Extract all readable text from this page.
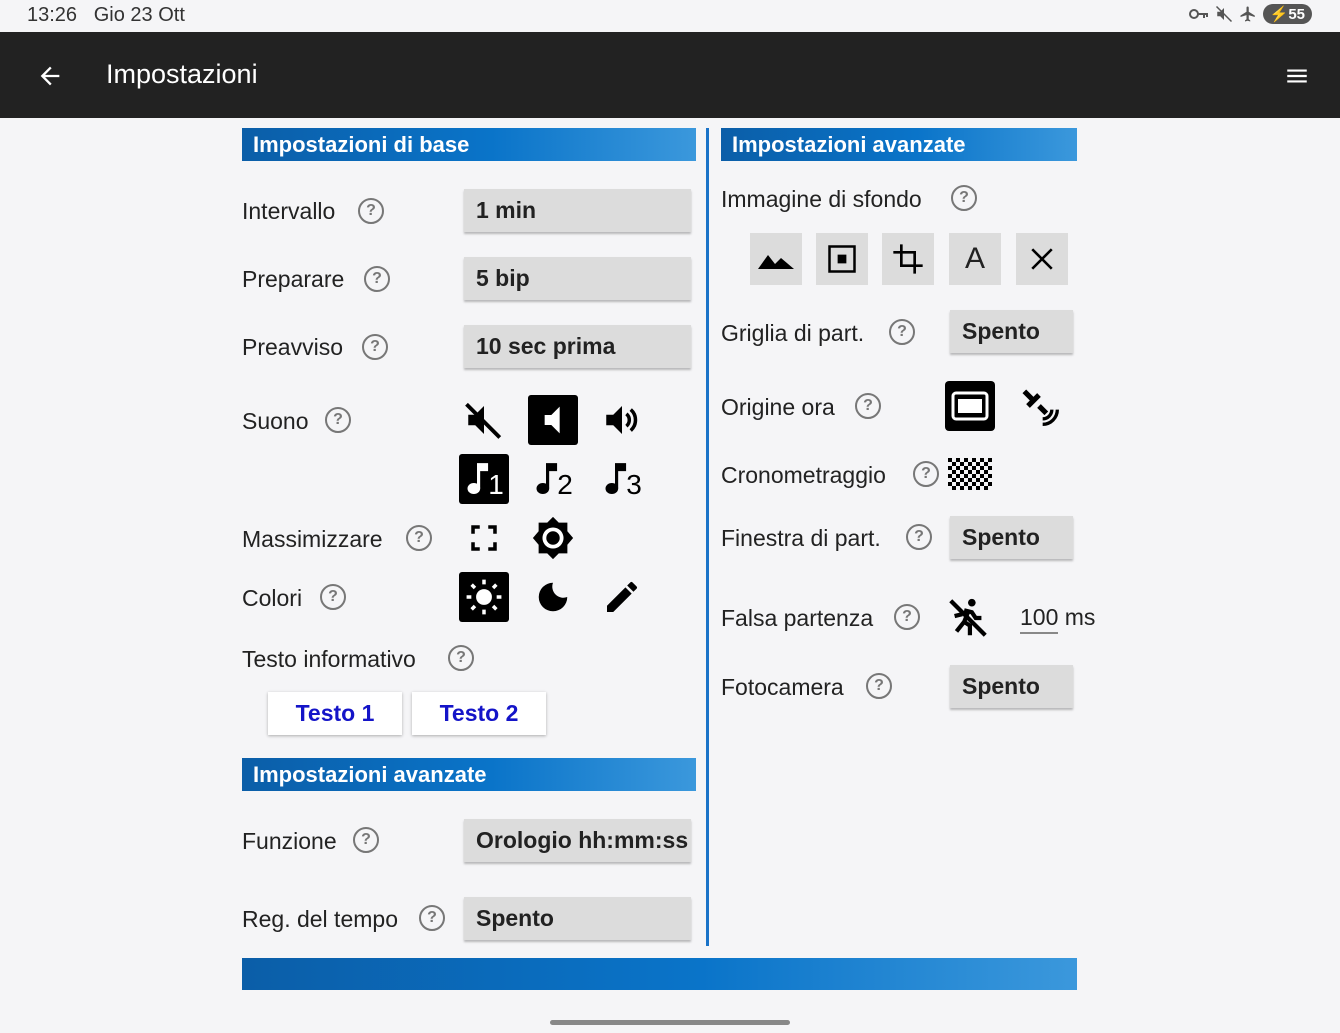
13:26 Gio 23 Ott	⚡55
Impostazioni
Impostazioni di base
Intervallo	?	1 min
Preparare	?	5 bip
Preavviso	?	10 sec prima
Suono	?
1 2 3
Massimizzare	?
Colori	?
Testo informativo	?
Testo 1	Testo 2
Impostazioni avanzate
Funzione	?	Orologio hh:mm:ss
Reg. del tempo	?	Spento
Impostazioni avanzate
Immagine di sfondo	?
A
Griglia di part.	?	Spento
Origine ora	?
Cronometraggio	?
Finestra di part.	?	Spento
Falsa partenza	?	100 ms
Fotocamera	?	Spento
